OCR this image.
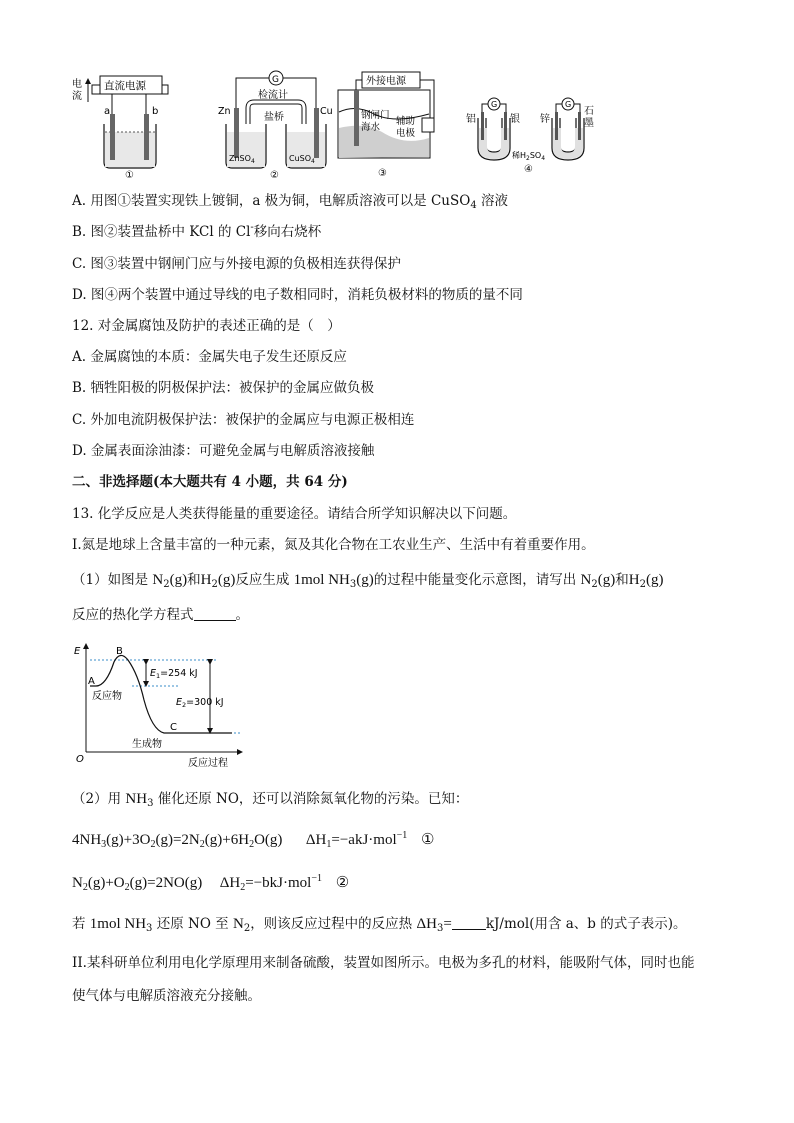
电
流
直流电源
a	b
①
G
检流计
Zn	Cu
盐桥
ZnSO$_4$	CuSO$_4$
②
外接电源
钢闸门
海水
辅助
电极
③
G	G
铝	银 锌
石
墨
稀$H_2SO_4$
④
A. 用图①装置实现铁上镀铜，a 极为铜，电解质溶液可以是 CuSO$_4$ 溶液
B. 图②装置盐桥中 KCl 的 Cl-移向右烧杯
C. 图③装置中钢闸门应与外接电源的负极相连获得保护
D. 图④两个装置中通过导线的电子数相同时，消耗负极材料的物质的量不同
12. 对金属腐蚀及防护的表述正确的是（　）
A. 金属腐蚀的本质：金属失电子发生还原反应
B. 牺牲阳极的阴极保护法：被保护的金属应做负极
C. 外加电流阴极保护法：被保护的金属应与电源正极相连
D. 金属表面涂油漆：可避免金属与电解质溶液接触
二、非选择题(本大题共有 4 小题，共 64 分)
13. 化学反应是人类获得能量的重要途径。请结合所学知识解决以下问题。
I.氮是地球上含量丰富的一种元素，氮及其化合物在工农业生产、生活中有着重要作用。
（1）如图是 $N_2(g)$和$H_2(g)$反应生成 1mol $NH_3(g)$的过程中能量变化示意图，请写出 $N_2(g)$和$H_2(g)$
反应的热化学方程式	。
E
O	反应过程
A
B
C
反应物
生成物
$E_1=254$ kJ
$E_2=300$ kJ
（2）用 $NH_3$ 催化还原 NO，还可以消除氮氧化物的污染。已知：
$4NH_3(g)+3O_2(g)=2N_2(g)+6H_2O(g)$ $\Delta H_1=-akJ\cdot mol^{-1}$ ①
$N_2(g)+O_2(g)=2NO(g)$ $\Delta H_2=-bkJ\cdot mol^{-1}$ ②
若 1mol $NH_3$ 还原 NO 至 $N_2$，则该反应过程中的反应热 $\Delta H_3=$	kJ/mol(用含 a、b 的式子表示)。
II.某科研单位利用电化学原理用来制备硫酸，装置如图所示。电极为多孔的材料，能吸附气体，同时也能
使气体与电解质溶液充分接触。
